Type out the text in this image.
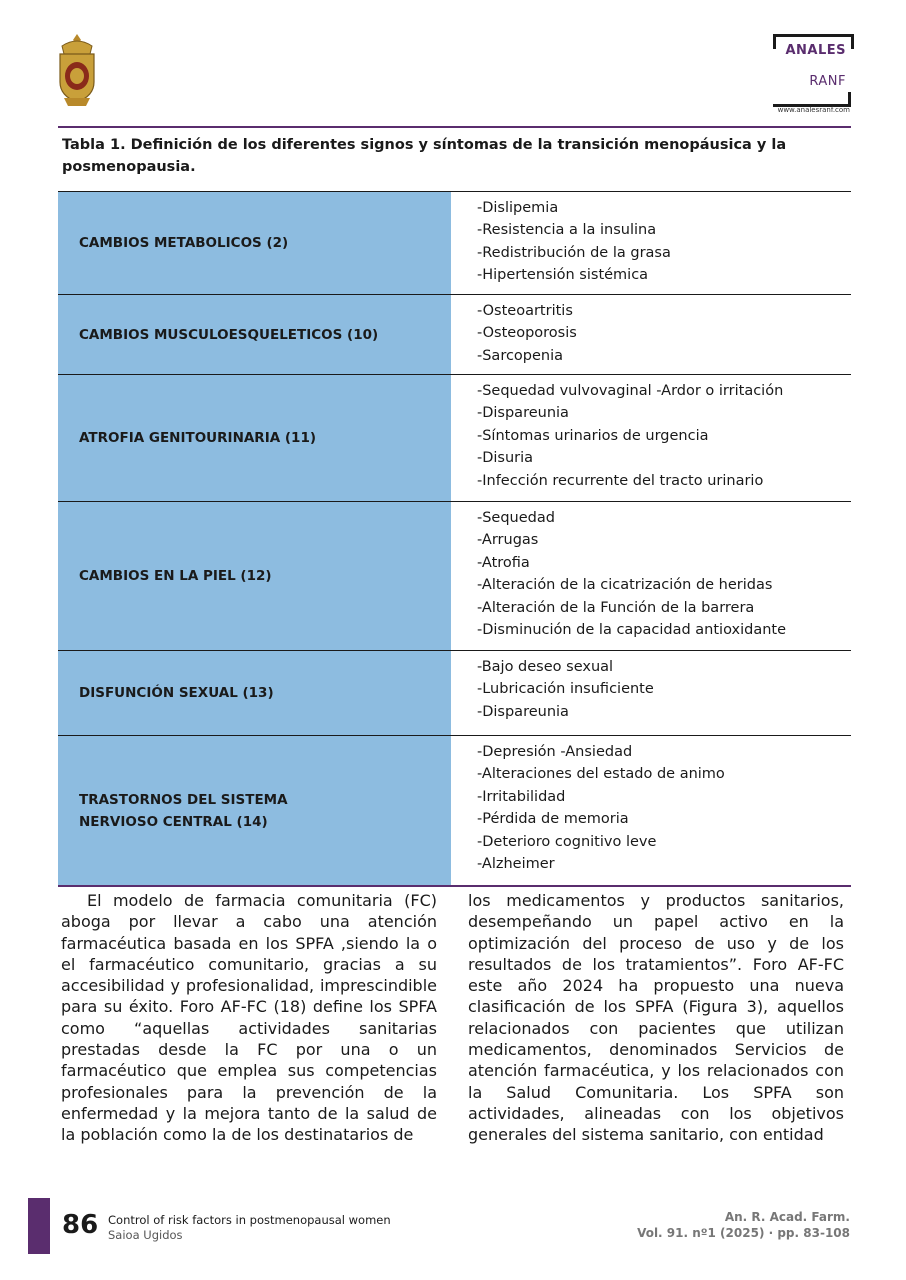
ANALES
RANF
www.analesranf.com
Tabla 1. Definición de los diferentes signos y síntomas de la transición menopáusica y la posmenopausia.
CAMBIOS METABOLICOS (2)
-Dislipemia
-Resistencia a la insulina
-Redistribución de la grasa
-Hipertensión sistémica
CAMBIOS MUSCULOESQUELETICOS (10)
-Osteoartritis
-Osteoporosis
-Sarcopenia
ATROFIA GENITOURINARIA (11)
-Sequedad vulvovaginal -Ardor o irritación
-Dispareunia
-Síntomas urinarios de urgencia
-Disuria
-Infección recurrente del tracto urinario
CAMBIOS EN LA PIEL (12)
-Sequedad
-Arrugas
-Atrofia
-Alteración de la cicatrización de heridas
-Alteración de la Función de la barrera
-Disminución de la capacidad antioxidante
DISFUNCIÓN SEXUAL (13)
-Bajo deseo sexual
-Lubricación insuficiente
-Dispareunia
TRASTORNOS DEL SISTEMA
NERVIOSO CENTRAL (14)
-Depresión -Ansiedad
-Alteraciones del estado de animo
-Irritabilidad
-Pérdida de memoria
-Deterioro cognitivo leve
-Alzheimer
El modelo de farmacia comunitaria (FC) aboga por llevar a cabo una atención farmacéutica basada en los SPFA ,siendo la o el farmacéutico comunitario, gracias a su accesibilidad y profesionalidad, imprescindible para su éxito. Foro AF-FC (18) define los SPFA como “aquellas actividades sanitarias prestadas desde la FC por una o un farmacéutico que emplea sus competencias profesionales para la prevención de la enfermedad y la mejora tanto de la salud de la población como la de los destinatarios de
los medicamentos y productos sanitarios, desempeñando un papel activo en la optimización del proceso de uso y de los resultados de los tratamientos”. Foro AF-FC este año 2024 ha propuesto una nueva clasificación de los SPFA (Figura 3), aquellos relacionados con pacientes que utilizan medicamentos, denominados Servicios de atención farmacéutica, y los relacionados con la Salud Comunitaria. Los SPFA son actividades, alineadas con los objetivos generales del sistema sanitario, con entidad
86 Control of risk factors in postmenopausal women
Saioa Ugidos
An. R. Acad. Farm.
Vol. 91. nº1 (2025) · pp. 83-108
